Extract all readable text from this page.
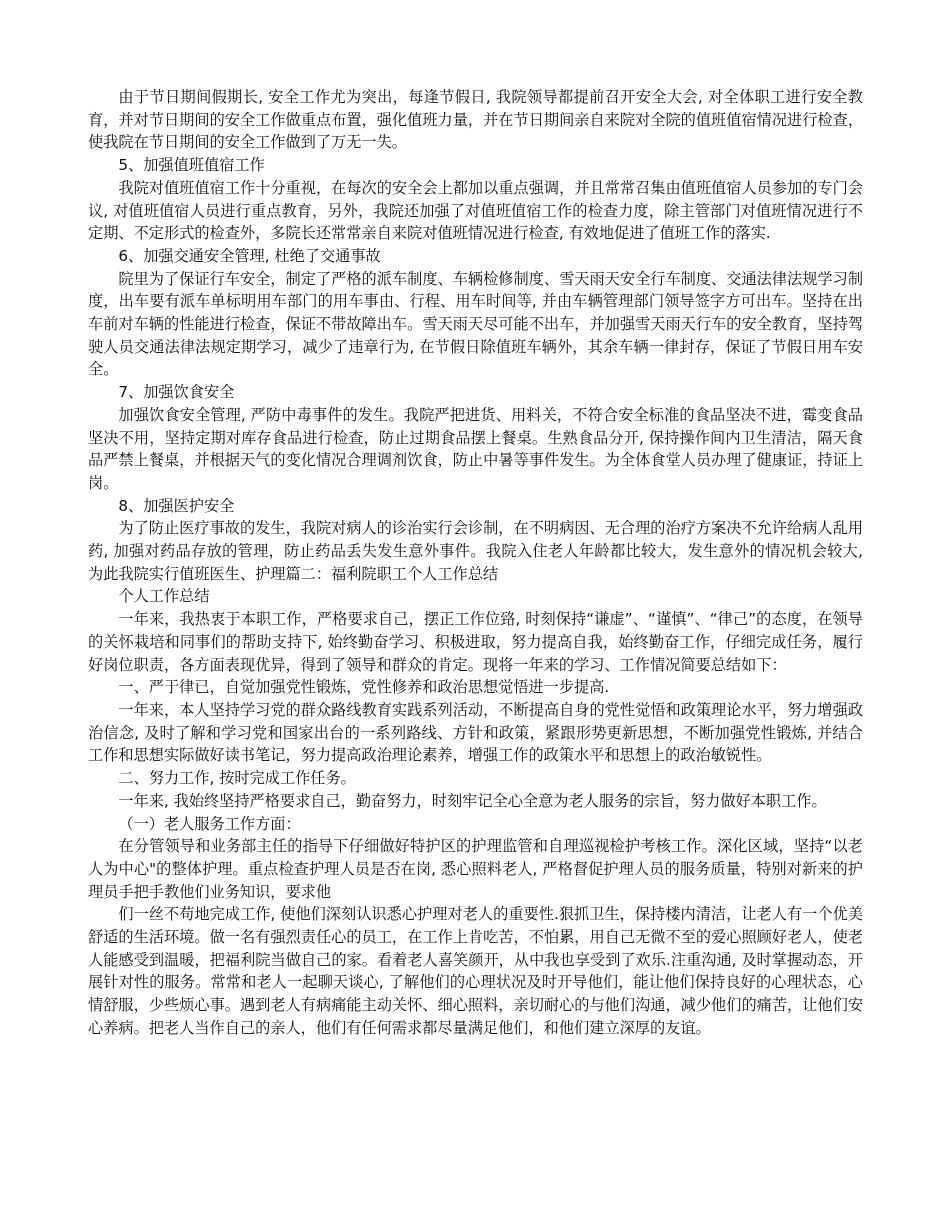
由于节日期间假期长, 安全工作尤为突出，每逢节假日, 我院领导都提前召开安全大会, 对全体职工进行安全教育，并对节日期间的安全工作做重点布置，强化值班力量，并在节日期间亲自来院对全院的值班值宿情况进行检查，使我院在节日期间的安全工作做到了万无一失。

5、加强值班值宿工作

我院对值班值宿工作十分重视，在每次的安全会上都加以重点强调，并且常常召集由值班值宿人员参加的专门会议, 对值班值宿人员进行重点教育，另外，我院还加强了对值班值宿工作的检查力度，除主管部门对值班情况进行不定期、不定形式的检查外，多院长还常常亲自来院对值班情况进行检查, 有效地促进了值班工作的落实.

6、加强交通安全管理, 杜绝了交通事故

院里为了保证行车安全，制定了严格的派车制度、车辆检修制度、雪天雨天安全行车制度、交通法律法规学习制度，出车要有派车单标明用车部门的用车事由、行程、用车时间等, 并由车辆管理部门领导签字方可出车。坚持在出车前对车辆的性能进行检查，保证不带故障出车。雪天雨天尽可能不出车，并加强雪天雨天行车的安全教育，坚持驾驶人员交通法律法规定期学习，减少了违章行为, 在节假日除值班车辆外，其余车辆一律封存，保证了节假日用车安全。

7、加强饮食安全

加强饮食安全管理, 严防中毒事件的发生。我院严把进货、用料关，不符合安全标准的食品坚决不进，霉变食品坚决不用，坚持定期对库存食品进行检查，防止过期食品摆上餐桌。生熟食品分开, 保持操作间内卫生清洁，隔天食品严禁上餐桌，并根据天气的变化情况合理调剂饮食，防止中暑等事件发生。为全体食堂人员办理了健康证，持证上岗。

8、加强医护安全

为了防止医疗事故的发生，我院对病人的诊治实行会诊制，在不明病因、无合理的治疗方案决不允许给病人乱用药, 加强对药品存放的管理，防止药品丢失发生意外事件。我院入住老人年龄都比较大，发生意外的情况机会较大, 为此我院实行值班医生、护理篇二：福利院职工个人工作总结

个人工作总结

一年来，我热衷于本职工作，严格要求自己，摆正工作位臵, 时刻保持“谦虚”、“谨慎”、“律己”的态度，在领导的关怀栽培和同事们的帮助支持下, 始终勤奋学习、积极进取，努力提高自我，始终勤奋工作，仔细完成任务，履行好岗位职责，各方面表现优异，得到了领导和群众的肯定。现将一年来的学习、工作情况简要总结如下：

一、严于律已，自觉加强党性锻炼，党性修养和政治思想觉悟进一步提高.

一年来，本人坚持学习党的群众路线教育实践系列活动，不断提高自身的党性觉悟和政策理论水平，努力增强政治信念, 及时了解和学习党和国家出台的一系列路线、方针和政策，紧跟形势更新思想，不断加强党性锻炼, 并结合工作和思想实际做好读书笔记，努力提高政治理论素养，增强工作的政策水平和思想上的政治敏锐性。

二、努力工作, 按时完成工作任务。

一年来, 我始终坚持严格要求自己，勤奋努力，时刻牢记全心全意为老人服务的宗旨，努力做好本职工作。

（一）老人服务工作方面：

在分管领导和业务部主任的指导下仔细做好特护区的护理监管和自理巡视检护考核工作。深化区域，坚持“以老人为中心"的整体护理。重点检查护理人员是否在岗, 悉心照料老人, 严格督促护理人员的服务质量，特别对新来的护理员手把手教他们业务知识，要求他

们一丝不苟地完成工作, 使他们深刻认识悉心护理对老人的重要性.狠抓卫生，保持楼内清洁，让老人有一个优美舒适的生活环境。做一名有强烈责任心的员工，在工作上肯吃苦，不怕累，用自己无微不至的爱心照顾好老人，使老人能感受到温暖，把福利院当做自己的家。看着老人喜笑颜开，从中我也享受到了欢乐.注重沟通, 及时掌握动态，开展针对性的服务。常常和老人一起聊天谈心, 了解他们的心理状况及时开导他们，能让他们保持良好的心理状态，心情舒服，少些烦心事。遇到老人有病痛能主动关怀、细心照料，亲切耐心的与他们沟通，减少他们的痛苦，让他们安心养病。把老人当作自己的亲人，他们有任何需求都尽量满足他们，和他们建立深厚的友谊。
